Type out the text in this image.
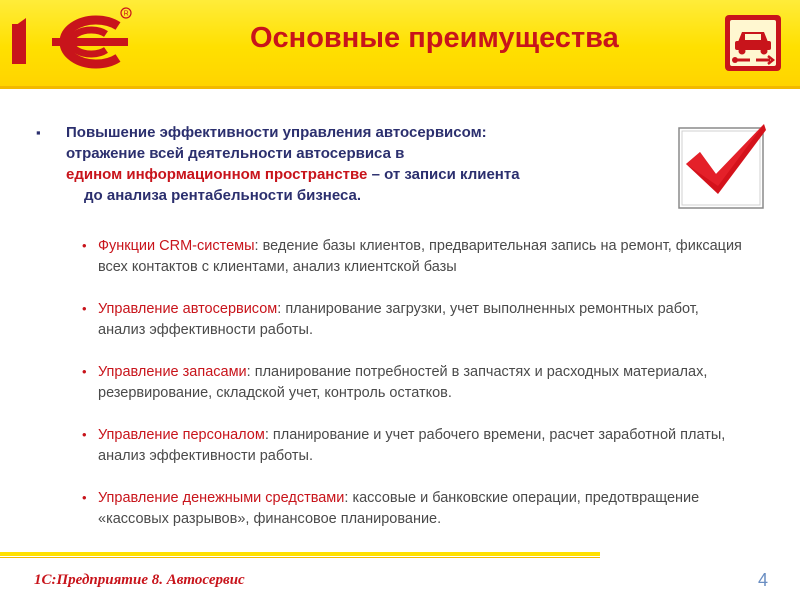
R
Основные преимущества
▪ Повышение эффективности управления автосервисом:
отражение всей деятельности автосервиса в
едином информационном пространстве – от записи клиента
до анализа рентабельности бизнеса.
• Функции CRM-системы: ведение базы клиентов, предварительная запись на ремонт, фиксация всех контактов с клиентами, анализ клиентской базы
• Управление автосервисом: планирование загрузки, учет выполненных ремонтных работ, анализ эффективности работы.
• Управление запасами: планирование потребностей в запчастях и расходных материалах, резервирование, складской учет, контроль остатков.
• Управление персоналом: планирование и учет рабочего времени, расчет заработной платы, анализ эффективности работы.
• Управление денежными средствами: кассовые и банковские операции, предотвращение «кассовых разрывов», финансовое планирование.
1С:Предприятие 8. Автосервис	4
